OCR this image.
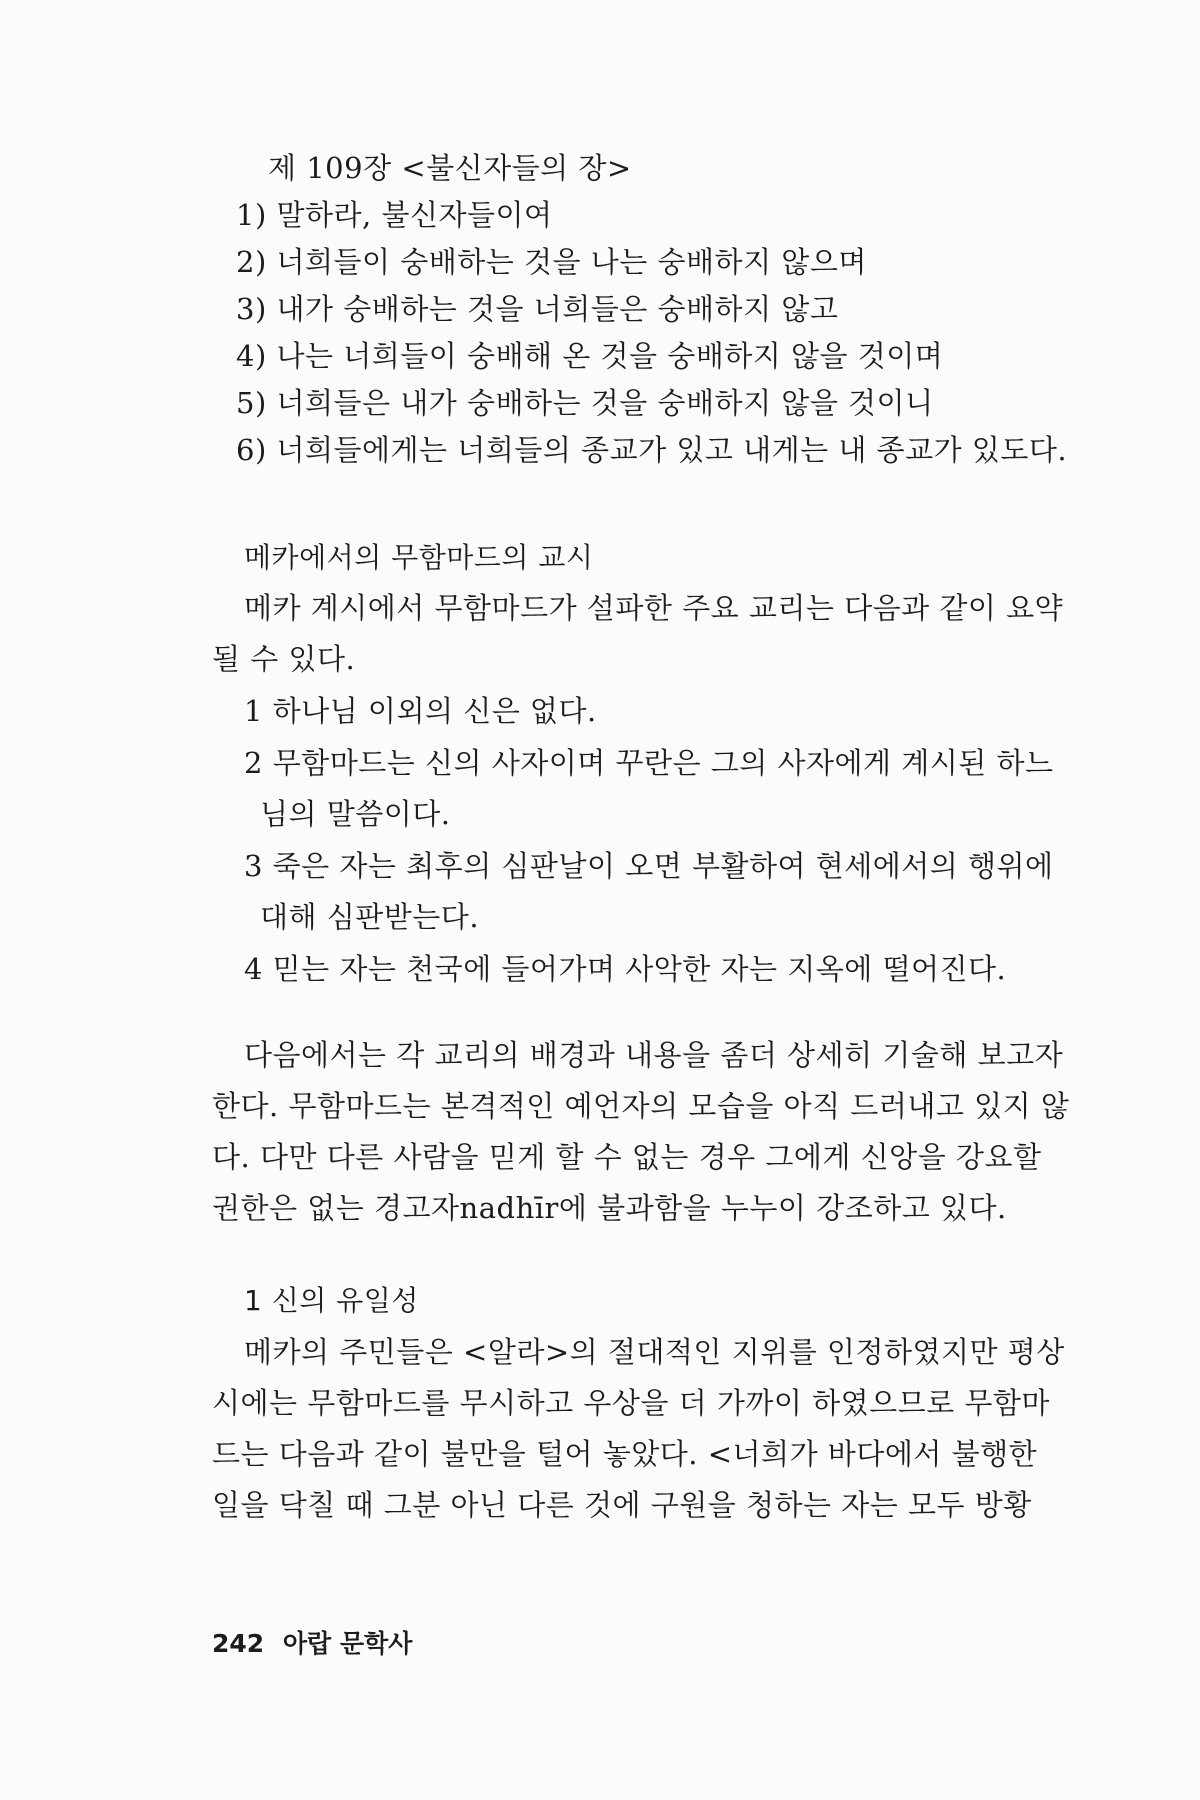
제 109장 <불신자들의 장>
1) 말하라, 불신자들이여
2) 너희들이 숭배하는 것을 나는 숭배하지 않으며
3) 내가 숭배하는 것을 너희들은 숭배하지 않고
4) 나는 너희들이 숭배해 온 것을 숭배하지 않을 것이며
5) 너희들은 내가 숭배하는 것을 숭배하지 않을 것이니
6) 너희들에게는 너희들의 종교가 있고 내게는 내 종교가 있도다.
메카에서의 무함마드의 교시
메카 계시에서 무함마드가 설파한 주요 교리는 다음과 같이 요약
될 수 있다.
1 하나님 이외의 신은 없다.
2 무함마드는 신의 사자이며 꾸란은 그의 사자에게 계시된 하느
님의 말씀이다.
3 죽은 자는 최후의 심판날이 오면 부활하여 현세에서의 행위에
대해 심판받는다.
4 믿는 자는 천국에 들어가며 사악한 자는 지옥에 떨어진다.
다음에서는 각 교리의 배경과 내용을 좀더 상세히 기술해 보고자
한다. 무함마드는 본격적인 예언자의 모습을 아직 드러내고 있지 않
다. 다만 다른 사람을 믿게 할 수 없는 경우 그에게 신앙을 강요할
권한은 없는 경고자nadhīr에 불과함을 누누이 강조하고 있다.
1 신의 유일성
메카의 주민들은 <알라>의 절대적인 지위를 인정하였지만 평상
시에는 무함마드를 무시하고 우상을 더 가까이 하였으므로 무함마
드는 다음과 같이 불만을 털어 놓았다. <너희가 바다에서 불행한
일을 닥칠 때 그분 아닌 다른 것에 구원을 청하는 자는 모두 방황
242 아랍 문학사
